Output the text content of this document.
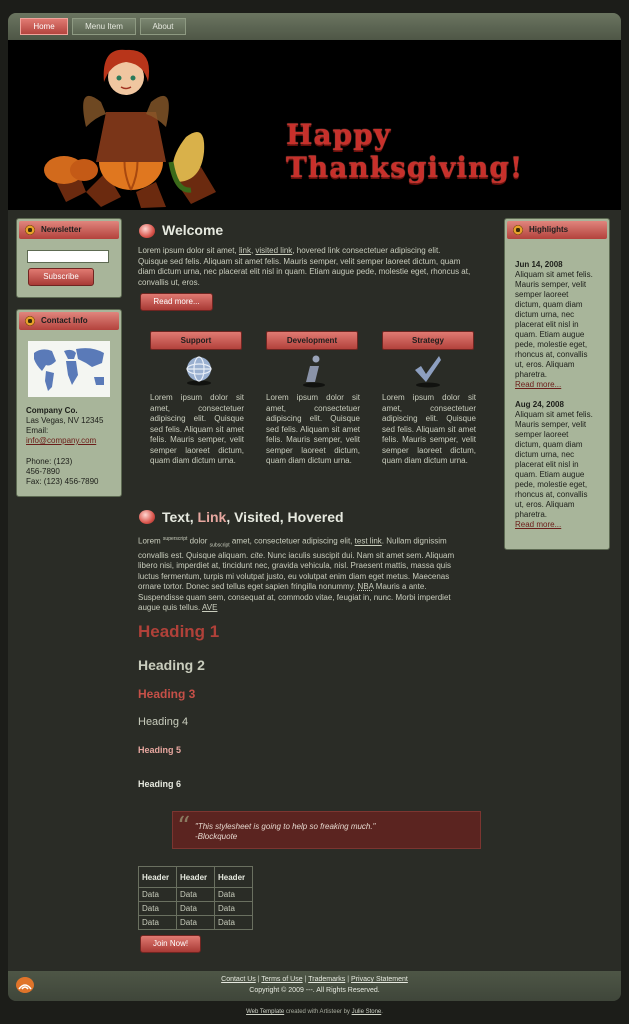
Home	Menu Item	About
Happy Thanksgiving!
Newsletter
Subscribe
Contact Info
Company Co.
Las Vegas, NV 12345
Email:
info@company.com
Phone: (123)
456-7890
Fax: (123) 456-7890
Welcome
Lorem ipsum dolor sit amet, link, visited link, hovered link consectetuer adipiscing elit.
Quisque sed felis. Aliquam sit amet felis. Mauris semper, velit semper laoreet dictum, quam
diam dictum urna, nec placerat elit nisl in quam. Etiam augue pede, molestie eget, rhoncus at,
convallis ut, eros.
Read more...
Support	Development	Strategy
Lorem ipsum dolor sit amet, consectetuer adipiscing elit. Quisque sed felis. Aliquam sit amet felis. Mauris semper, velit semper laoreet dictum, quam diam dictum urna.
Lorem ipsum dolor sit amet, consectetuer adipiscing elit. Quisque sed felis. Aliquam sit amet felis. Mauris semper, velit semper laoreet dictum, quam diam dictum urna.
Lorem ipsum dolor sit amet, consectetuer adipiscing elit. Quisque sed felis. Aliquam sit amet felis. Mauris semper, velit semper laoreet dictum, quam diam dictum urna.
Text, Link, Visited, Hovered
Lorem $^{superscript}$ dolor $_{subscript}$ amet, consectetuer adipiscing elit, test link. Nullam dignissim
convallis est. Quisque aliquam. cite. Nunc iaculis suscipit dui. Nam sit amet sem. Aliquam
libero nisi, imperdiet at, tincidunt nec, gravida vehicula, nisl. Praesent mattis, massa quis
luctus fermentum, turpis mi volutpat justo, eu volutpat enim diam eget metus. Maecenas
ornare tortor. Donec sed tellus eget sapien fringilla nonummy. NBA Mauris a ante.
Suspendisse quam sem, consequat at, commodo vitae, feugiat in, nunc. Morbi imperdiet
augue quis tellus. AVE
Heading 1
Heading 2
Heading 3
Heading 4
Heading 5
Heading 6
“ "This stylesheet is going to help so freaking much."
-Blockquote
Header	Header	Header
Data	Data	Data
Data	Data	Data
Data	Data	Data
Join Now!
Highlights
Jun 14, 2008
Aliquam sit amet felis.
Mauris semper, velit
semper laoreet
dictum, quam diam
dictum urna, nec
placerat elit nisl in
quam. Etiam augue
pede, molestie eget,
rhoncus at, convallis
ut, eros. Aliquam
pharetra.
Read more...
Aug 24, 2008
Aliquam sit amet felis.
Mauris semper, velit
semper laoreet
dictum, quam diam
dictum urna, nec
placerat elit nisl in
quam. Etiam augue
pede, molestie eget,
rhoncus at, convallis
ut, eros. Aliquam
pharetra.
Read more...
Contact Us | Terms of Use | Trademarks | Privacy Statement
Copyright © 2009 ---. All Rights Reserved.
Web Template created with Artisteer by Julie Stone.
